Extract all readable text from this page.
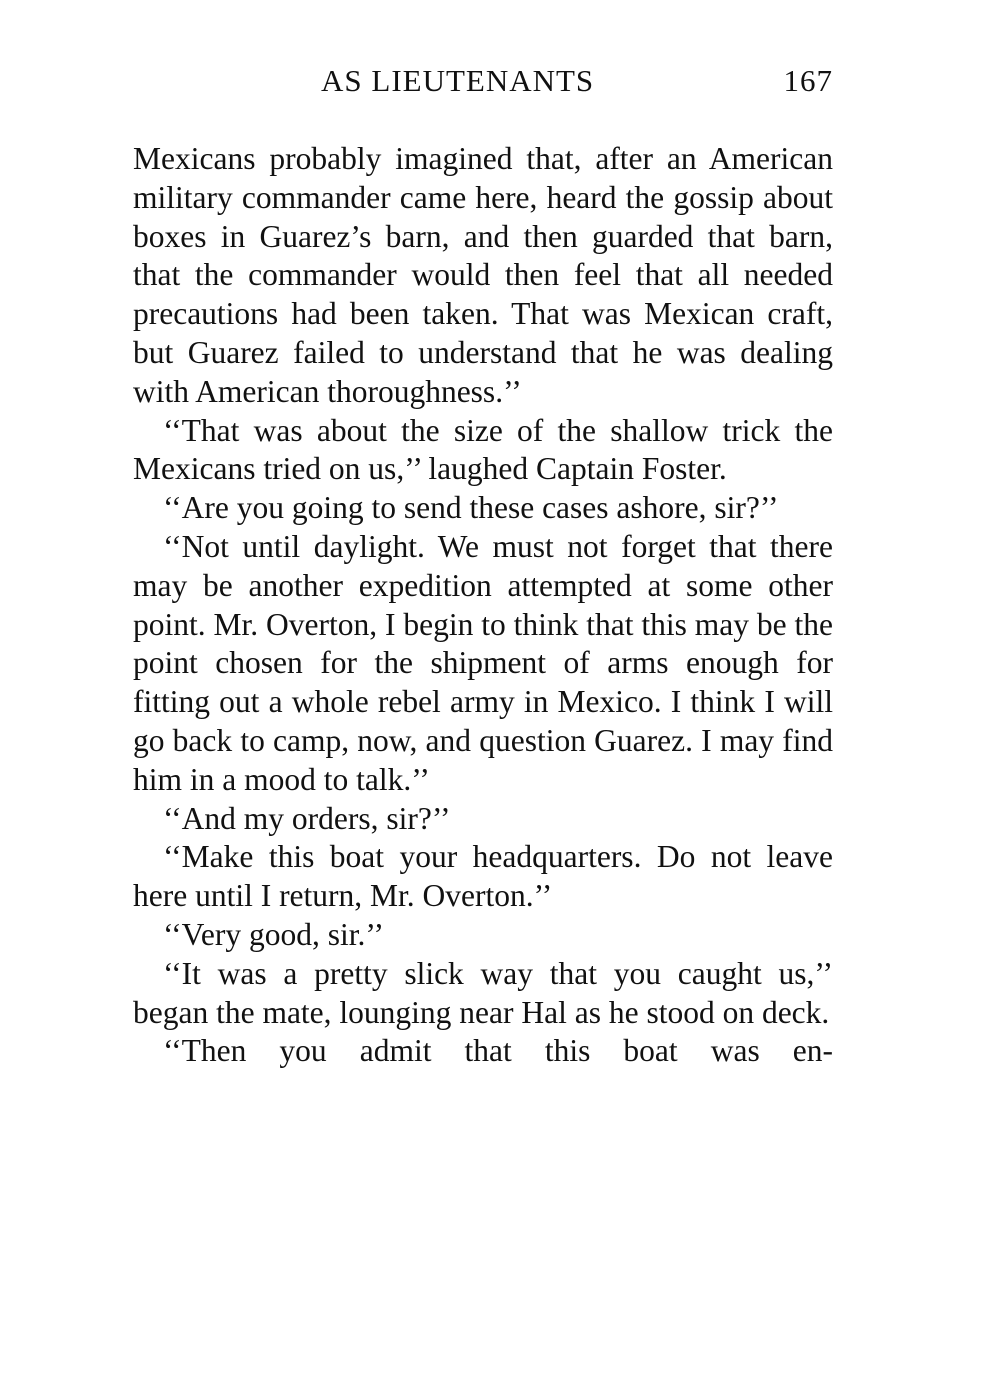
AS LIEUTENANTS	167

Mexicans probably imagined that, after an American military commander came here, heard the gossip about boxes in Guarez’s barn, and then guarded that barn, that the commander would then feel that all needed precautions had been taken. That was Mexican craft, but Guarez failed to understand that he was dealing with American thoroughness.’’

‘‘That was about the size of the shallow trick the Mexicans tried on us,’’ laughed Captain Foster.

‘‘Are you going to send these cases ashore, sir?’’

‘‘Not until daylight. We must not forget that there may be another expedition attempted at some other point. Mr. Overton, I begin to think that this may be the point chosen for the shipment of arms enough for fitting out a whole rebel army in Mexico. I think I will go back to camp, now, and question Guarez. I may find him in a mood to talk.’’

‘‘And my orders, sir?’’

‘‘Make this boat your headquarters. Do not leave here until I return, Mr. Overton.’’

‘‘Very good, sir.’’

‘‘It was a pretty slick way that you caught us,’’ began the mate, lounging near Hal as he stood on deck.

‘‘Then you admit that this boat was en-
